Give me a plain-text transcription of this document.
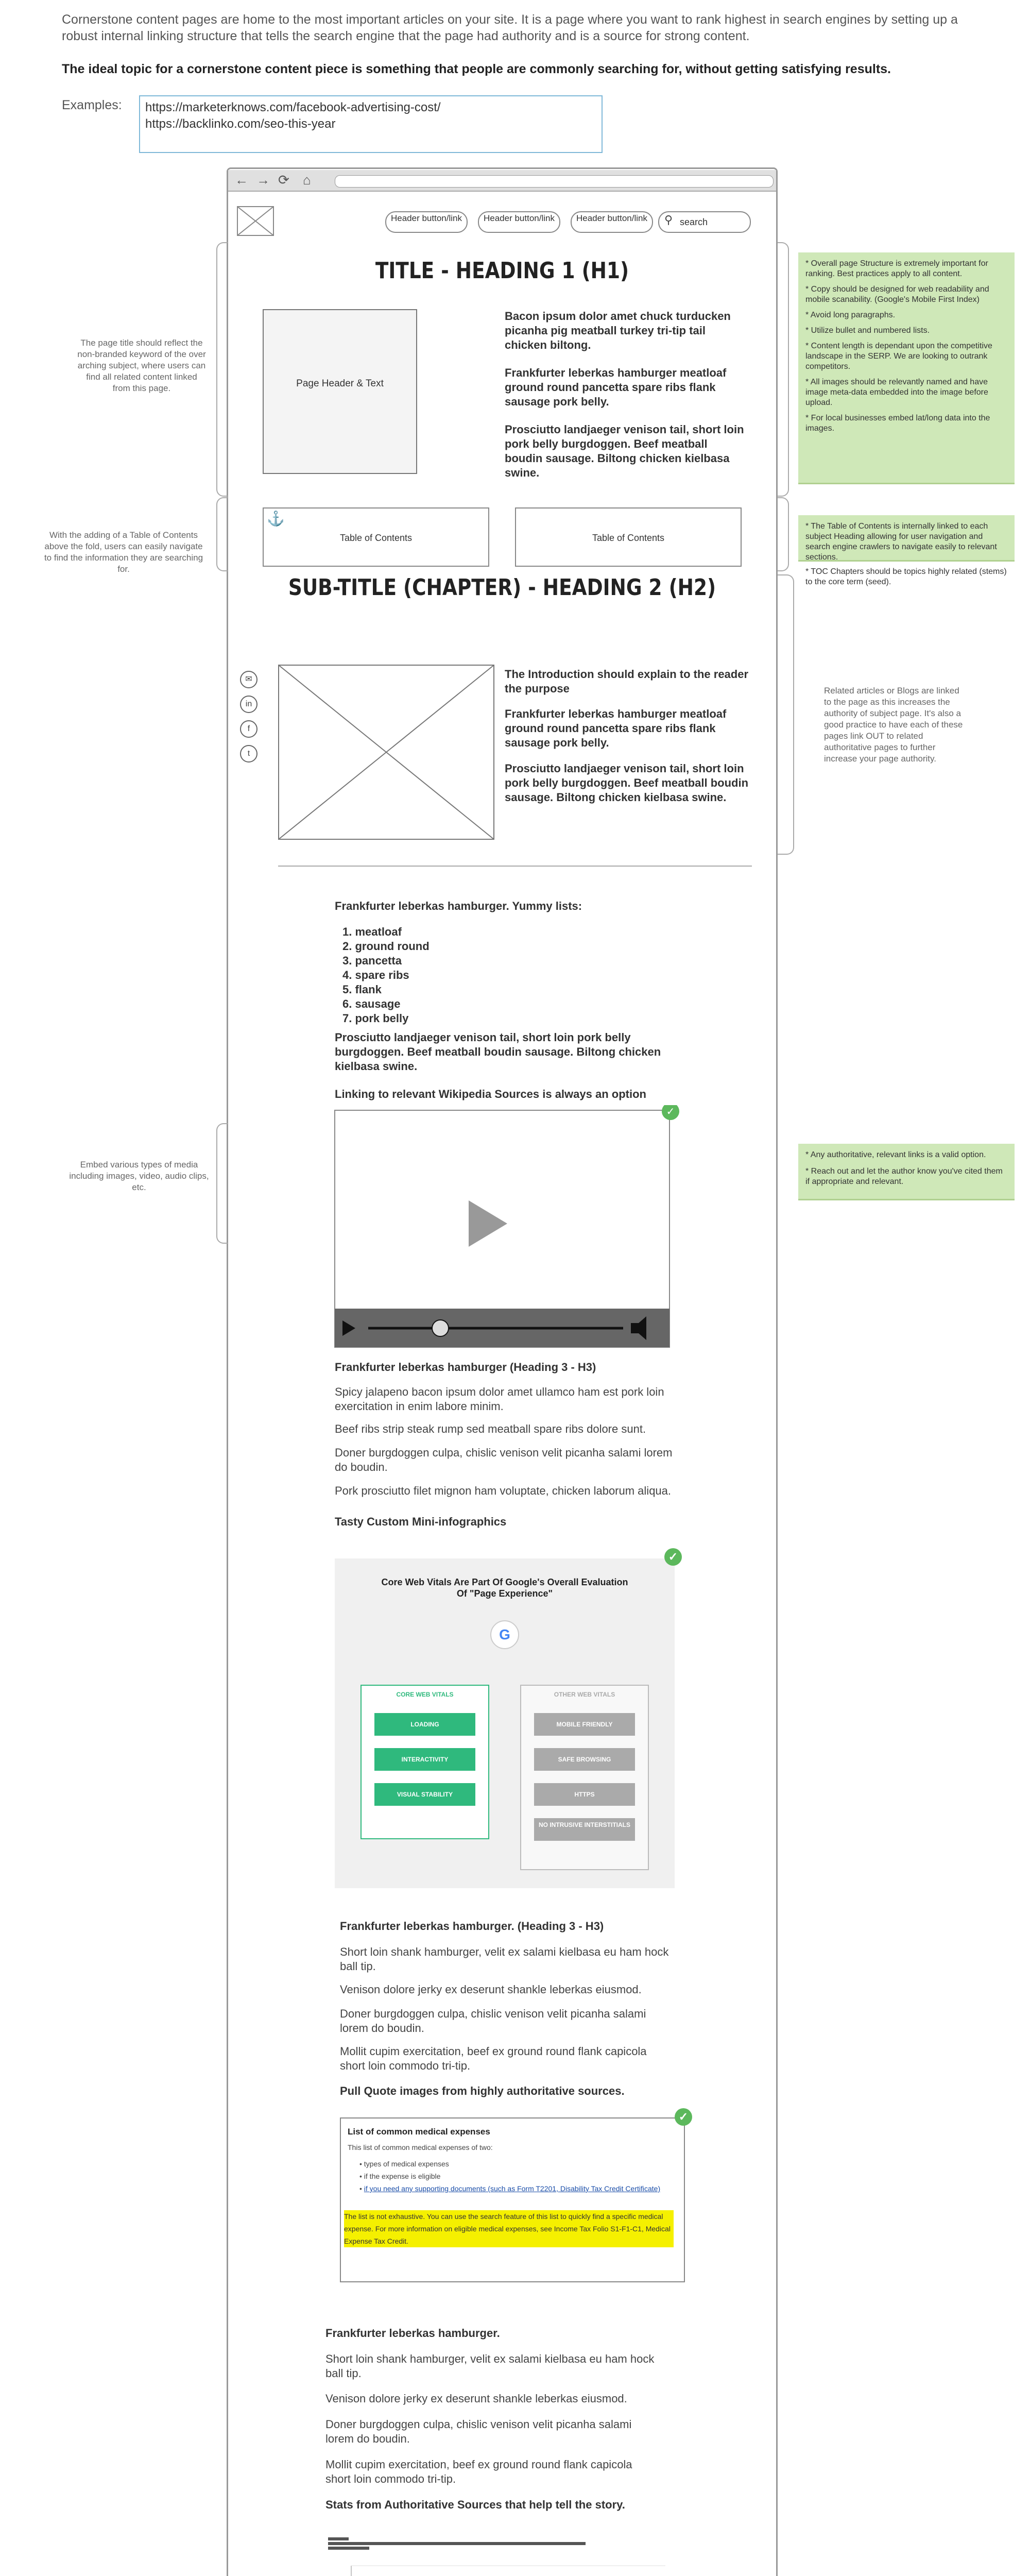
Cornerstone content pages are home to the most important articles on your site. It is a page where you want to rank highest in search engines by setting up a robust internal linking structure that tells the search engine that the page had authority and is a source for strong content.
The ideal topic for a cornerstone content piece is something that people are commonly searching for, without getting satisfying results.
Examples: https://marketerknows.com/facebook-advertising-cost/
https://backlinko.com/seo-this-year
← → ⟳ ⌂
Header button/link	Header button/link	Header button/link	search
⚲
TITLE - HEADING 1 (H1)
Page Header & Text
Bacon ipsum dolor amet chuck turducken picanha pig meatball turkey tri-tip tail chicken biltong.
Frankfurter leberkas hamburger meatloaf ground round pancetta spare ribs flank sausage pork belly.
Prosciutto landjaeger venison tail, short loin pork belly burgdoggen. Beef meatball boudin sausage. Biltong chicken kielbasa swine.
The page title should reflect the non-branded keyword of the over arching subject, where users can find all related content linked from this page.
* Overall page Structure is extremely important for ranking. Best practices apply to all content.
* Copy should be designed for web readability and mobile scanability. (Google's Mobile First Index)
* Avoid long paragraphs.
* Utilize bullet and numbered lists.
* Content length is dependant upon the competitive landscape in the SERP. We are looking to outrank competitors.
* All images should be relevantly named and have image meta-data embedded into the image before upload.
* For local businesses embed lat/long data into the images.
With the adding of a Table of Contents above the fold, users can easily navigate to find the information they are searching for.
Table of Contents
⚓
Table of Contents
* The Table of Contents is internally linked to each subject Heading allowing for user navigation and search engine crawlers to navigate easily to relevant sections.
* TOC Chapters should be topics highly related (stems) to the core term (seed).
SUB-TITLE (CHAPTER) - HEADING 2 (H2)
✉
in
f
t
The Introduction should explain to the reader the purpose
Frankfurter leberkas hamburger meatloaf ground round pancetta spare ribs flank sausage pork belly.
Prosciutto landjaeger venison tail, short loin pork belly burgdoggen. Beef meatball boudin sausage. Biltong chicken kielbasa swine.
Related articles or Blogs are linked to the page as this increases the authority of subject page. It's also a good practice to have each of these pages link OUT to related authoritative pages to further increase your page authority.
Frankfurter leberkas hamburger. Yummy lists:
1. meatloaf
2. ground round
3. pancetta
4. spare ribs
5. flank
6. sausage
7. pork belly
Prosciutto landjaeger venison tail, short loin pork belly burgdoggen. Beef meatball boudin sausage. Biltong chicken kielbasa swine.
Linking to relevant Wikipedia Sources is always an option
Embed various types of media including images, video, audio clips, etc.
✓
* Any authoritative, relevant links is a valid option.
* Reach out and let the author know you've cited them if appropriate and relevant.
Frankfurter leberkas hamburger (Heading 3 - H3)
Spicy jalapeno bacon ipsum dolor amet ullamco ham est pork loin exercitation in enim labore minim.
Beef ribs strip steak rump sed meatball spare ribs dolore sunt.
Doner burgdoggen culpa, chislic venison velit picanha salami lorem do boudin.
Pork prosciutto filet mignon ham voluptate, chicken laborum aliqua.
Tasty Custom Mini-infographics
✓
Core Web Vitals Are Part Of Google's Overall Evaluation Of "Page Experience"
G
CORE WEB VITALS
LOADING
INTERACTIVITY
VISUAL STABILITY
OTHER WEB VITALS
MOBILE FRIENDLY
SAFE BROWSING
HTTPS
NO INTRUSIVE INTERSTITIALS
Frankfurter leberkas hamburger. (Heading 3 - H3)
Short loin shank hamburger, velit ex salami kielbasa eu ham hock ball tip.
Venison dolore jerky ex deserunt shankle leberkas eiusmod.
Doner burgdoggen culpa, chislic venison velit picanha salami lorem do boudin.
Mollit cupim exercitation, beef ex ground round flank capicola short loin commodo tri-tip.
Pull Quote images from highly authoritative sources.
✓
List of common medical expenses
This list of common medical expenses of two:
• types of medical expenses
• if the expense is eligible
• if you need any supporting documents (such as Form T2201, Disability Tax Credit Certificate)
The list is not exhaustive. You can use the search feature of this list to quickly find a specific medical expense. For more information on eligible medical expenses, see Income Tax Folio S1-F1-C1, Medical Expense Tax Credit.
Frankfurter leberkas hamburger.
Short loin shank hamburger, velit ex salami kielbasa eu ham hock ball tip.
Venison dolore jerky ex deserunt shankle leberkas eiusmod.
Doner burgdoggen culpa, chislic venison velit picanha salami lorem do boudin.
Mollit cupim exercitation, beef ex ground round flank capicola short loin commodo tri-tip.
Stats from Authoritative Sources that help tell the story.
